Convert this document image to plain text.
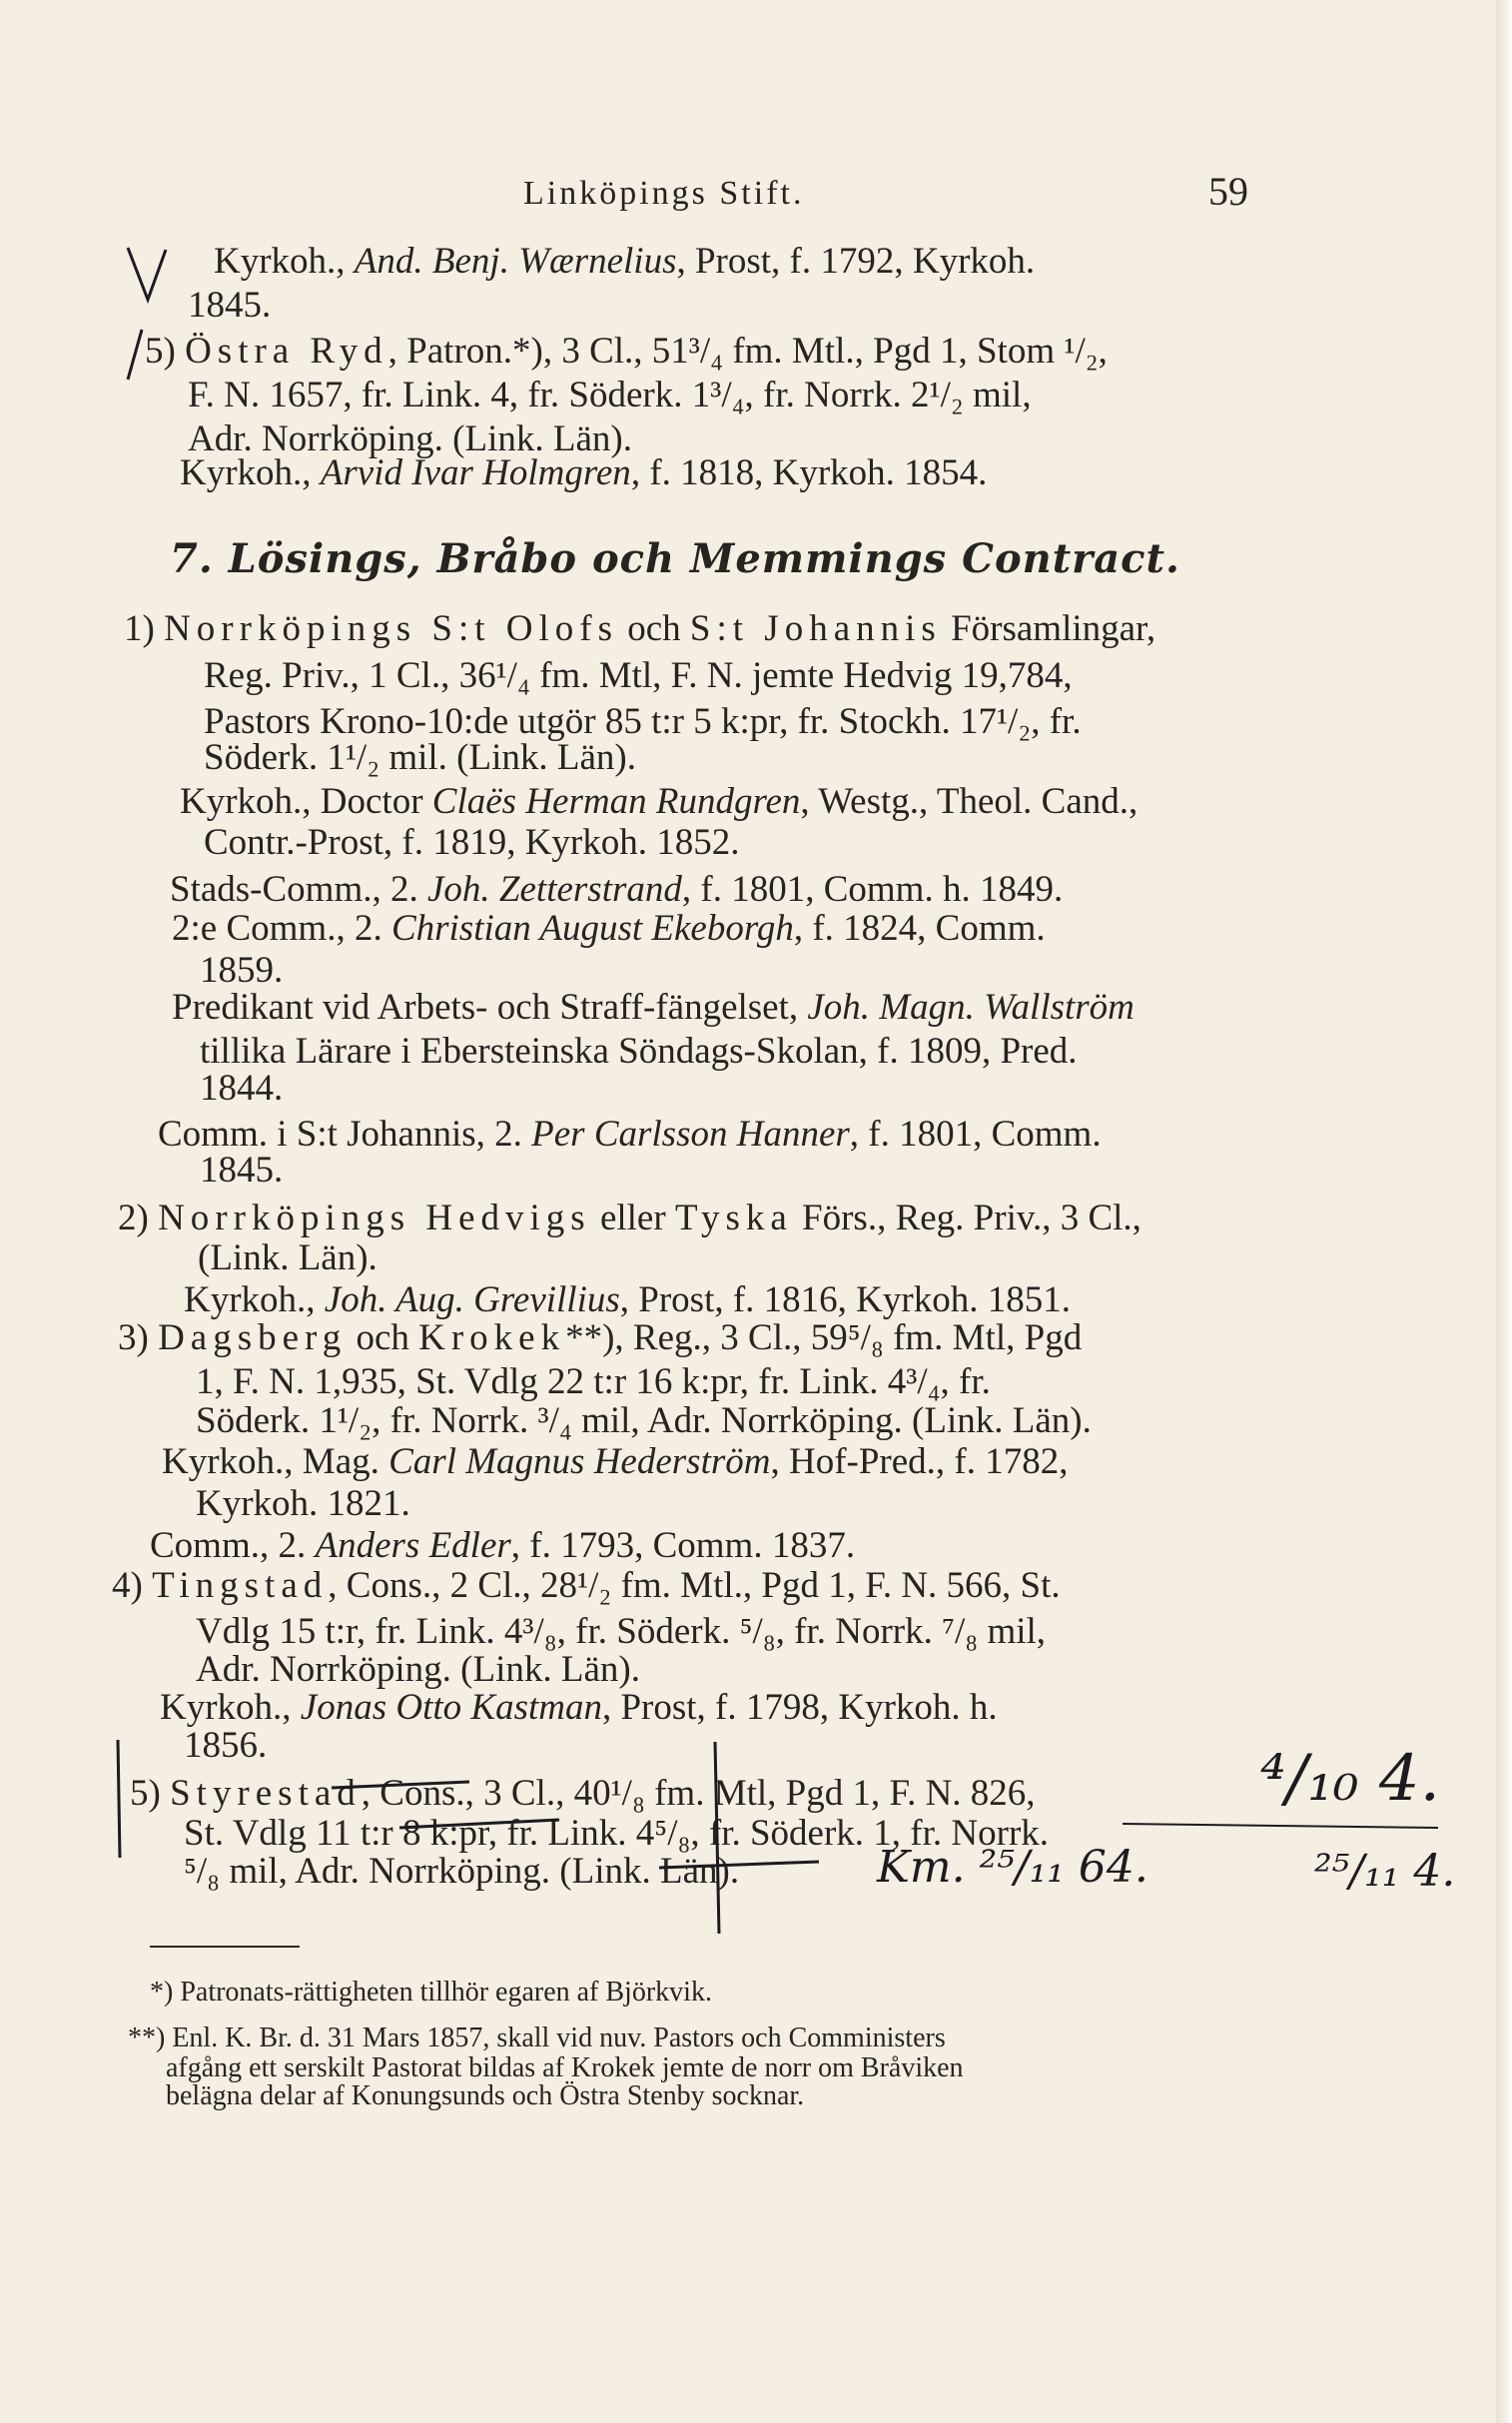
Linköpings Stift.	59
Kyrkoh., And. Benj. Wærnelius, Prost, f. 1792, Kyrkoh.
1845.
5) Östra Ryd, Patron.*), 3 Cl., 51³/₄ fm. Mtl., Pgd 1, Stom ¹/₂,
F. N. 1657, fr. Link. 4, fr. Söderk. 1³/₄, fr. Norrk. 2¹/₂ mil,
Adr. Norrköping. (Link. Län).
Kyrkoh., Arvid Ivar Holmgren, f. 1818, Kyrkoh. 1854.
7. Lösings, Bråbo och Memmings Contract.
1) Norrköpings S:t Olofs och S:t Johannis Församlingar,
Reg. Priv., 1 Cl., 36¹/₄ fm. Mtl, F. N. jemte Hedvig 19,784,
Pastors Krono-10:de utgör 85 t:r 5 k:pr, fr. Stockh. 17¹/₂, fr.
Söderk. 1¹/₂ mil. (Link. Län).
Kyrkoh., Doctor Claës Herman Rundgren, Westg., Theol. Cand.,
Contr.-Prost, f. 1819, Kyrkoh. 1852.
Stads-Comm., 2. Joh. Zetterstrand, f. 1801, Comm. h. 1849.
2:e Comm., 2. Christian August Ekeborgh, f. 1824, Comm.
1859.
Predikant vid Arbets- och Straff-fängelset, Joh. Magn. Wallström
tillika Lärare i Ebersteinska Söndags-Skolan, f. 1809, Pred.
1844.
Comm. i S:t Johannis, 2. Per Carlsson Hanner, f. 1801, Comm.
1845.
2) Norrköpings Hedvigs eller Tyska Förs., Reg. Priv., 3 Cl.,
(Link. Län).
Kyrkoh., Joh. Aug. Grevillius, Prost, f. 1816, Kyrkoh. 1851.
3) Dagsberg och Krokek**), Reg., 3 Cl., 59⁵/₈ fm. Mtl, Pgd
1, F. N. 1,935, St. Vdlg 22 t:r 16 k:pr, fr. Link. 4³/₄, fr.
Söderk. 1¹/₂, fr. Norrk. ³/₄ mil, Adr. Norrköping. (Link. Län).
Kyrkoh., Mag. Carl Magnus Hederström, Hof-Pred., f. 1782,
Kyrkoh. 1821.
Comm., 2. Anders Edler, f. 1793, Comm. 1837.
4) Tingstad, Cons., 2 Cl., 28¹/₂ fm. Mtl., Pgd 1, F. N. 566, St.
Vdlg 15 t:r, fr. Link. 4³/₈, fr. Söderk. ⁵/₈, fr. Norrk. ⁷/₈ mil,
Adr. Norrköping. (Link. Län).
Kyrkoh., Jonas Otto Kastman, Prost, f. 1798, Kyrkoh. h.
1856.
5) Styrestad, Cons., 3 Cl., 40¹/₈ fm. Mtl, Pgd 1, F. N. 826,
St. Vdlg 11 t:r 8 k:pr, fr. Link. 4⁵/₈, fr. Söderk. 1, fr. Norrk.
⁵/₈ mil, Adr. Norrköping. (Link. Län).	Km. ²⁵/₁₁ 64.
⁴/₁₀ 4.
²⁵/₁₁ 4.
*) Patronats-rättigheten tillhör egaren af Björkvik.
**) Enl. K. Br. d. 31 Mars 1857, skall vid nuv. Pastors och Comministers
afgång ett serskilt Pastorat bildas af Krokek jemte de norr om Bråviken
belägna delar af Konungsunds och Östra Stenby socknar.
